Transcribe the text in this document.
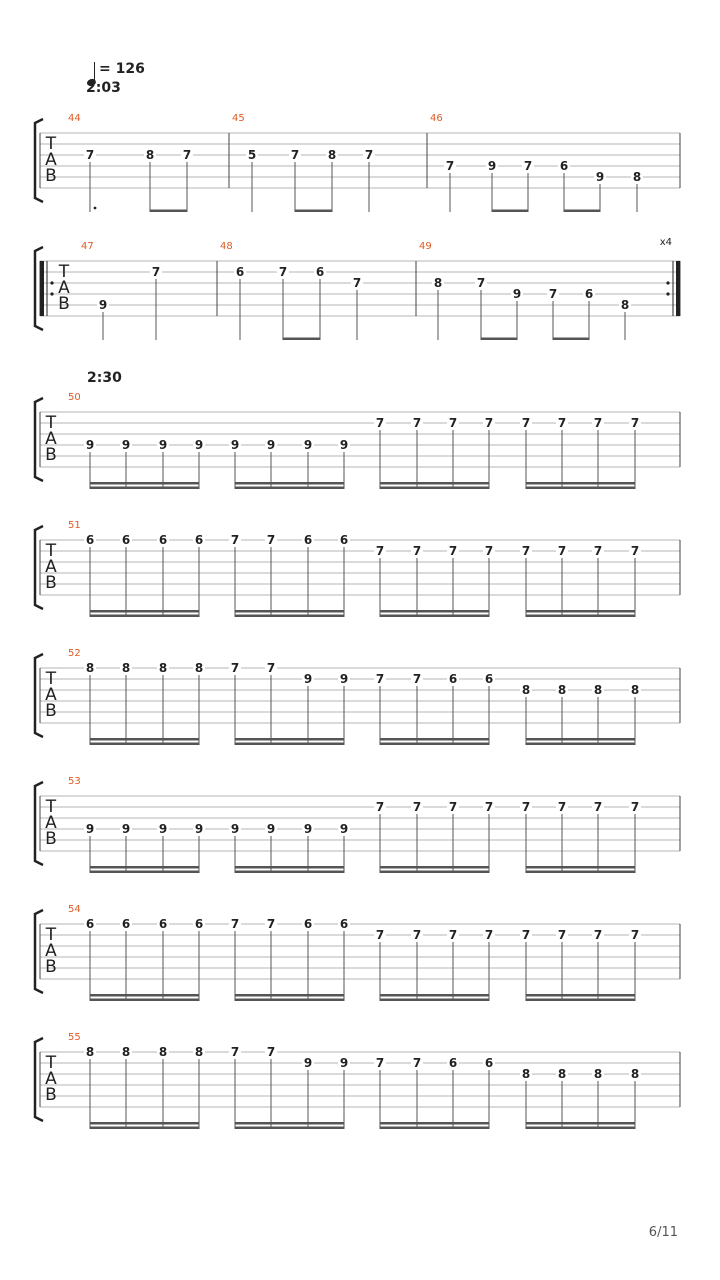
= 126
2:03
2:30
T
A
B
44
7	8 7
45
5	7 8 7
46
7	9 7 6
9 8
T
A
B
47
9
7
48
6	7 6
7
49
8	7
9 7 6
8
x4
T
A
B
50
9 9 9 9 9 9 9 9
7 7 7 7 7 7 7 7
T
A
B
51
6 6 6 6 7 7 6 6
7 7 7 7 7 7 7 7
T
A
B
52
8 8 8 8 7 7
9 9 7 7 6 6
8 8 8 8
T
A
B
53
9 9 9 9 9 9 9 9
7 7 7 7 7 7 7 7
T
A
B
54
6 6 6 6 7 7 6 6
7 7 7 7 7 7 7 7
T
A
B
55
8 8 8 8 7 7
9 9 7 7 6 6
8 8 8 8
6/11
